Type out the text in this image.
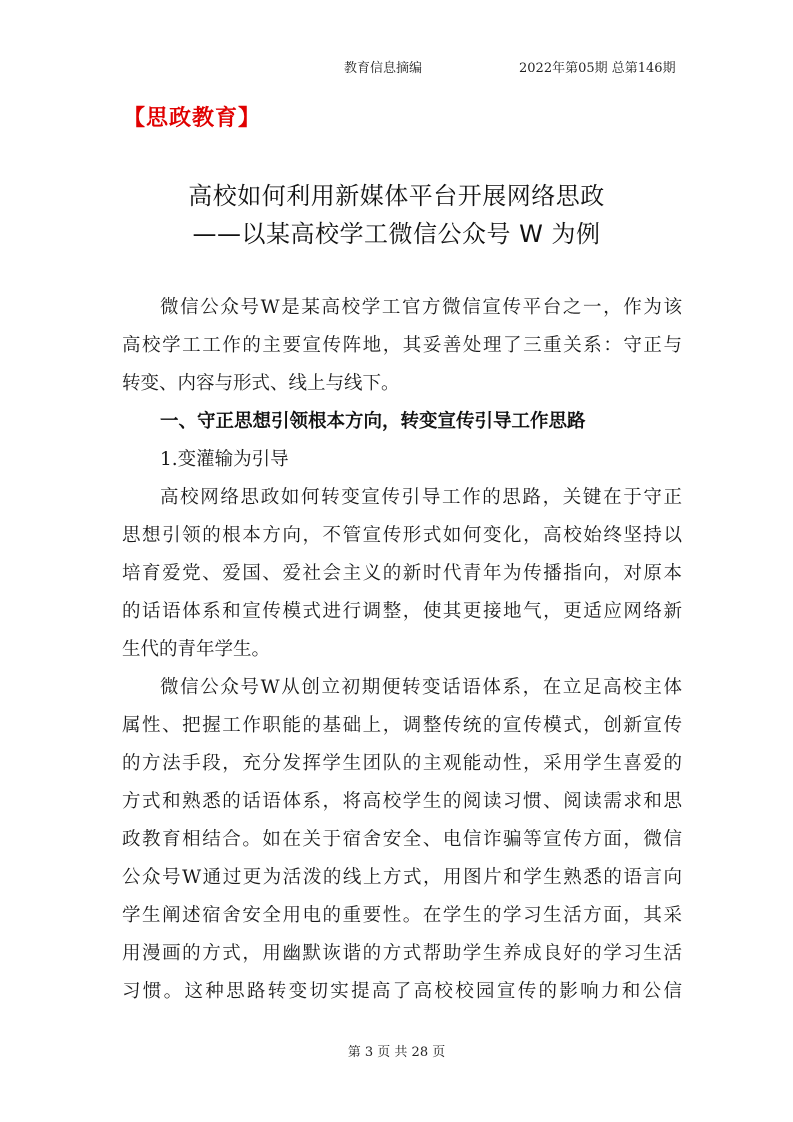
教育信息摘编	2022年第05期 总第146期
【思政教育】
高校如何利用新媒体平台开展网络思政
——以某高校学工微信公众号 W 为例
微信公众号W是某高校学工官方微信宣传平台之一，作为该
高校学工工作的主要宣传阵地，其妥善处理了三重关系：守正与
转变、内容与形式、线上与线下。
一、守正思想引领根本方向，转变宣传引导工作思路
1.变灌输为引导
高校网络思政如何转变宣传引导工作的思路，关键在于守正
思想引领的根本方向，不管宣传形式如何变化，高校始终坚持以
培育爱党、爱国、爱社会主义的新时代青年为传播指向，对原本
的话语体系和宣传模式进行调整，使其更接地气，更适应网络新
生代的青年学生。
微信公众号W从创立初期便转变话语体系，在立足高校主体
属性、把握工作职能的基础上，调整传统的宣传模式，创新宣传
的方法手段，充分发挥学生团队的主观能动性，采用学生喜爱的
方式和熟悉的话语体系，将高校学生的阅读习惯、阅读需求和思
政教育相结合。如在关于宿舍安全、电信诈骗等宣传方面，微信
公众号W通过更为活泼的线上方式，用图片和学生熟悉的语言向
学生阐述宿舍安全用电的重要性。在学生的学习生活方面，其采
用漫画的方式，用幽默诙谐的方式帮助学生养成良好的学习生活
习惯。这种思路转变切实提高了高校校园宣传的影响力和公信
第 3 页 共 28 页
